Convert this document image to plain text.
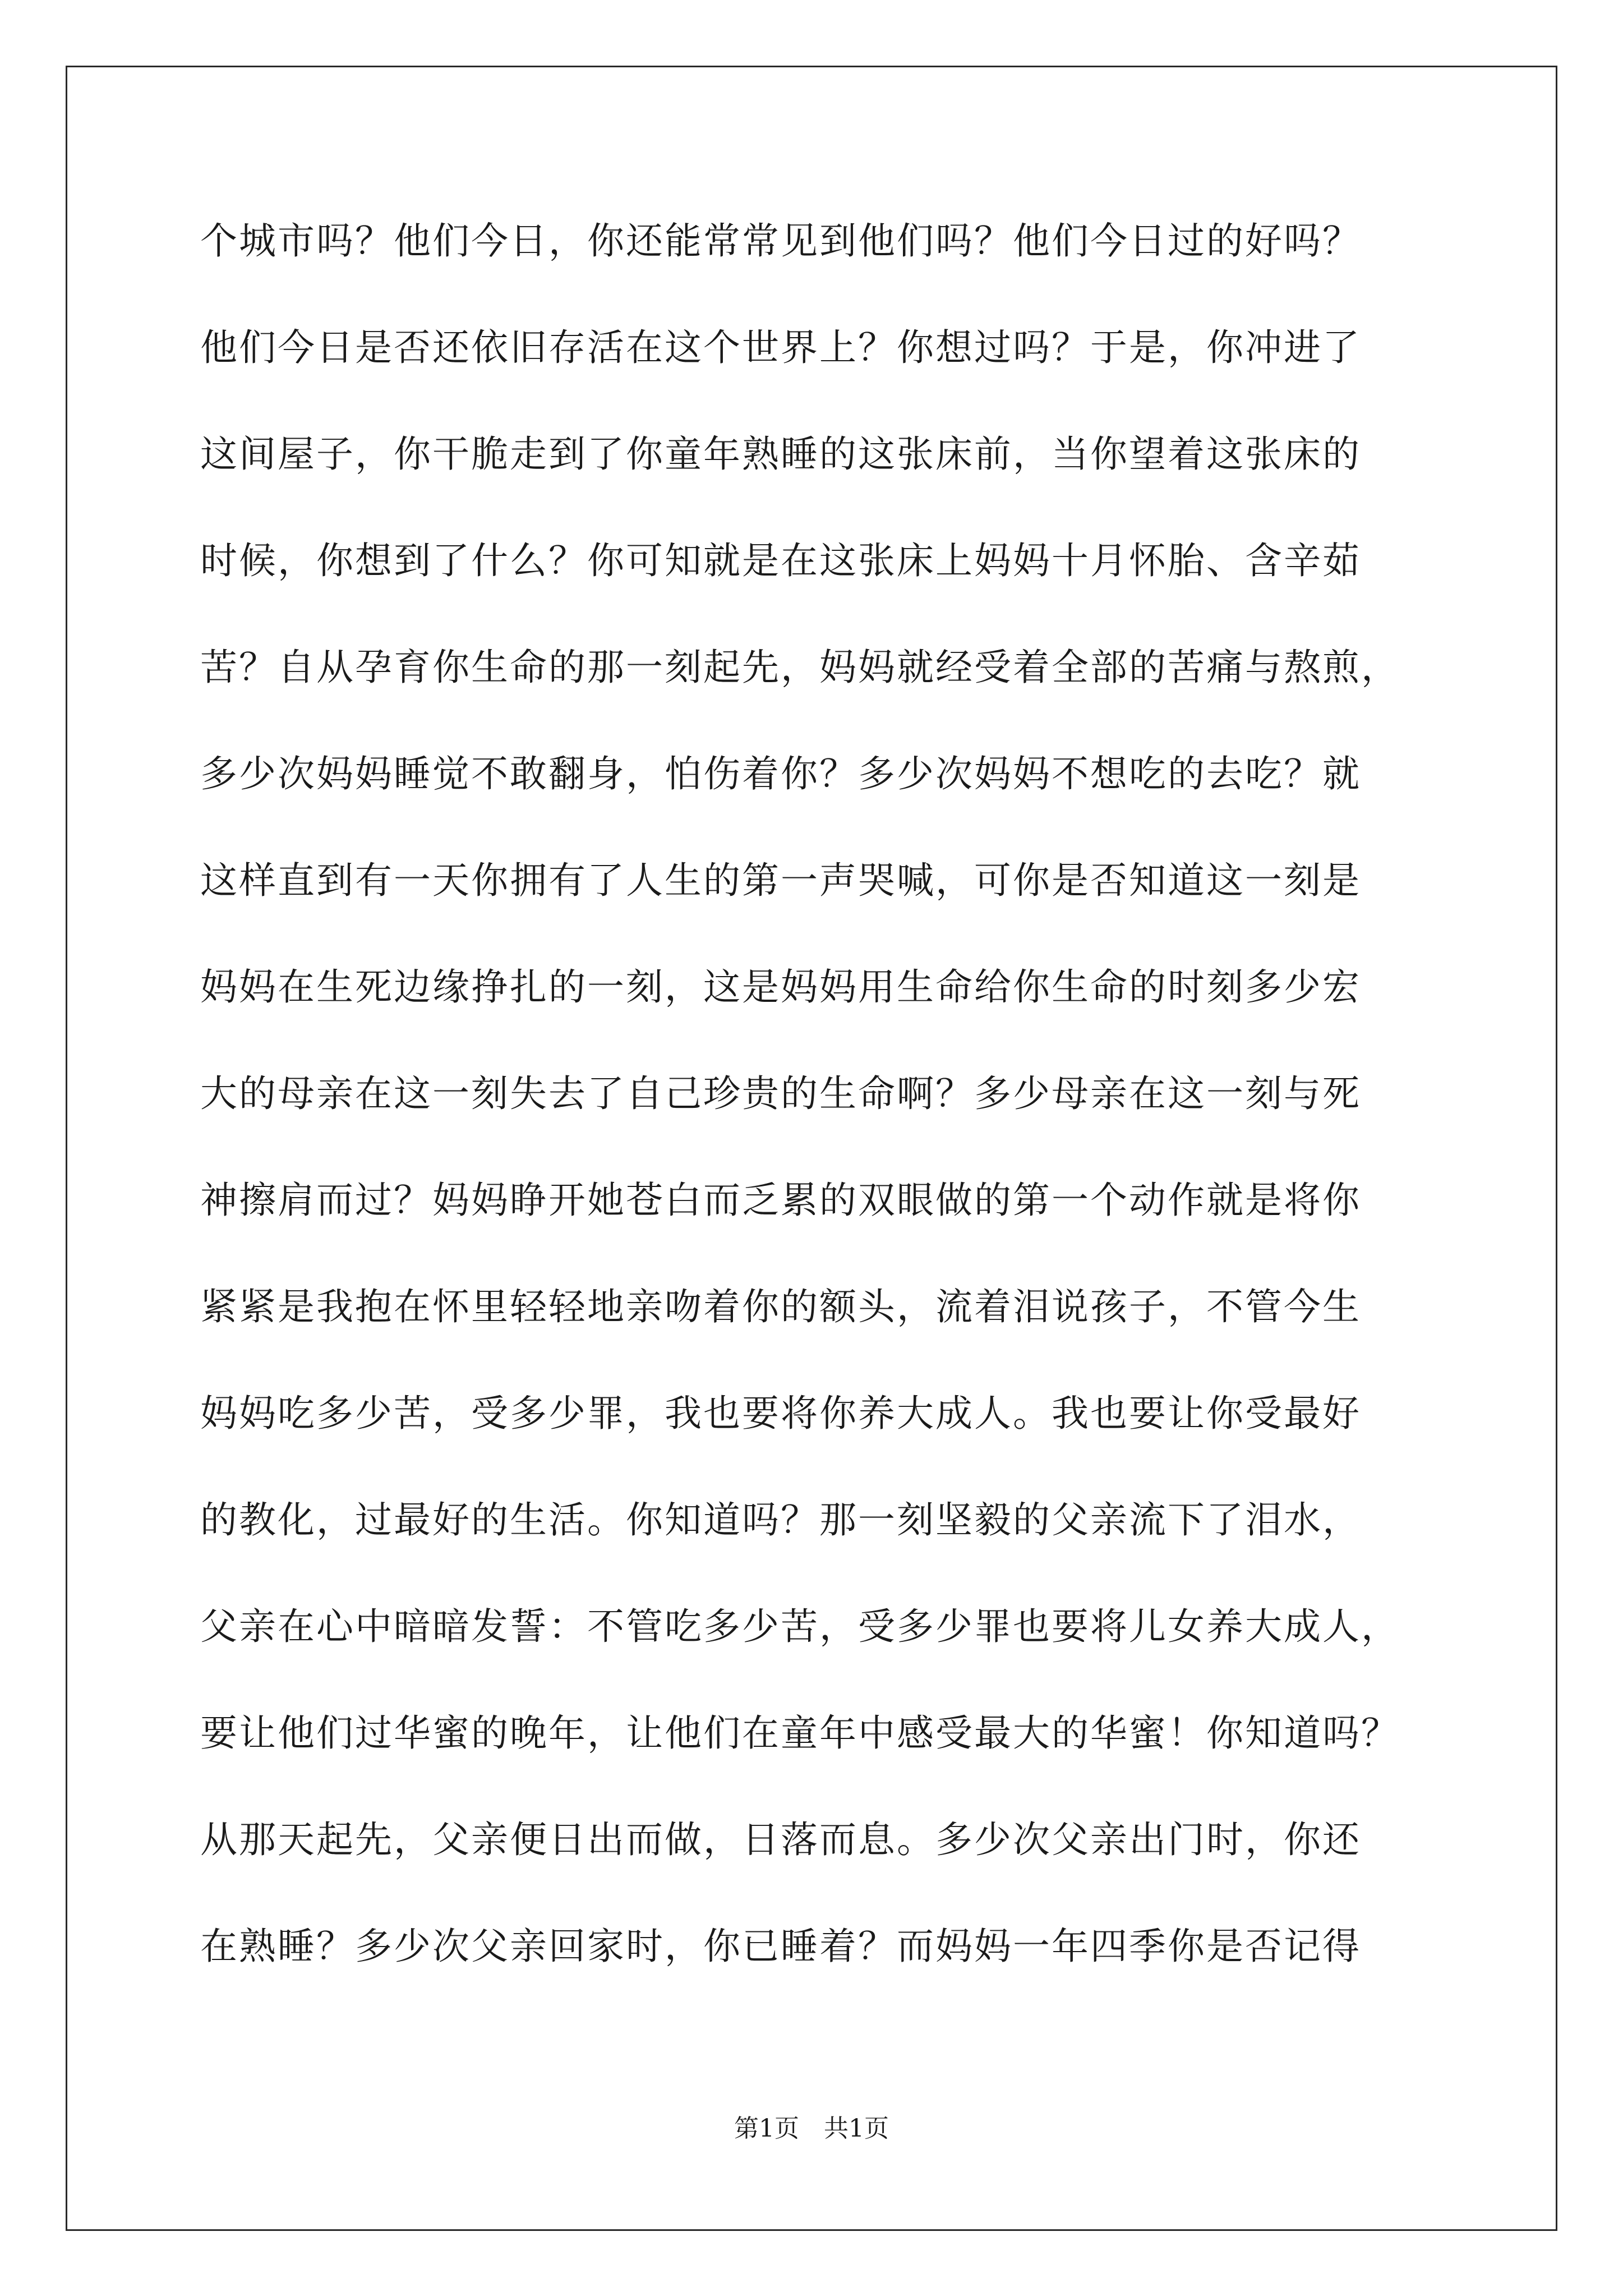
个城市吗？他们今日，你还能常常见到他们吗？他们今日过的好吗？
他们今日是否还依旧存活在这个世界上？你想过吗？于是，你冲进了
这间屋子，你干脆走到了你童年熟睡的这张床前，当你望着这张床的
时候，你想到了什么？你可知就是在这张床上妈妈十月怀胎、含辛茹
苦？自从孕育你生命的那一刻起先，妈妈就经受着全部的苦痛与熬煎，
多少次妈妈睡觉不敢翻身，怕伤着你？多少次妈妈不想吃的去吃？就
这样直到有一天你拥有了人生的第一声哭喊，可你是否知道这一刻是
妈妈在生死边缘挣扎的一刻，这是妈妈用生命给你生命的时刻多少宏
大的母亲在这一刻失去了自己珍贵的生命啊？多少母亲在这一刻与死
神擦肩而过？妈妈睁开她苍白而乏累的双眼做的第一个动作就是将你
紧紧是我抱在怀里轻轻地亲吻着你的额头，流着泪说孩子，不管今生
妈妈吃多少苦，受多少罪，我也要将你养大成人。我也要让你受最好
的教化，过最好的生活。你知道吗？那一刻坚毅的父亲流下了泪水，
父亲在心中暗暗发誓：不管吃多少苦，受多少罪也要将儿女养大成人，
要让他们过华蜜的晚年，让他们在童年中感受最大的华蜜！你知道吗？
从那天起先，父亲便日出而做，日落而息。多少次父亲出门时，你还
在熟睡？多少次父亲回家时，你已睡着？而妈妈一年四季你是否记得
第1页　共1页
